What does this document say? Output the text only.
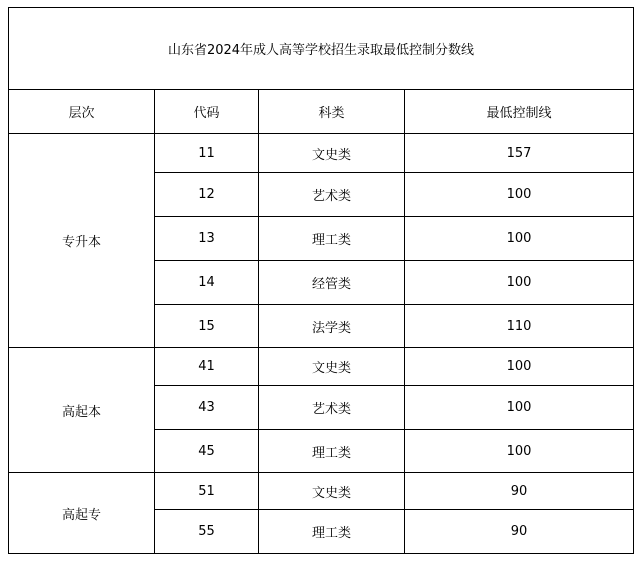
山东省2024年成人高等学校招生录取最低控制分数线			
层次	代码	科类	最低控制线
专升本	11	文史类	157
	12	艺术类	100
	13	理工类	100
	14	经管类	100
	15	法学类	110
高起本	41	文史类	100
	43	艺术类	100
	45	理工类	100
高起专	51	文史类	90
	55	理工类	90
